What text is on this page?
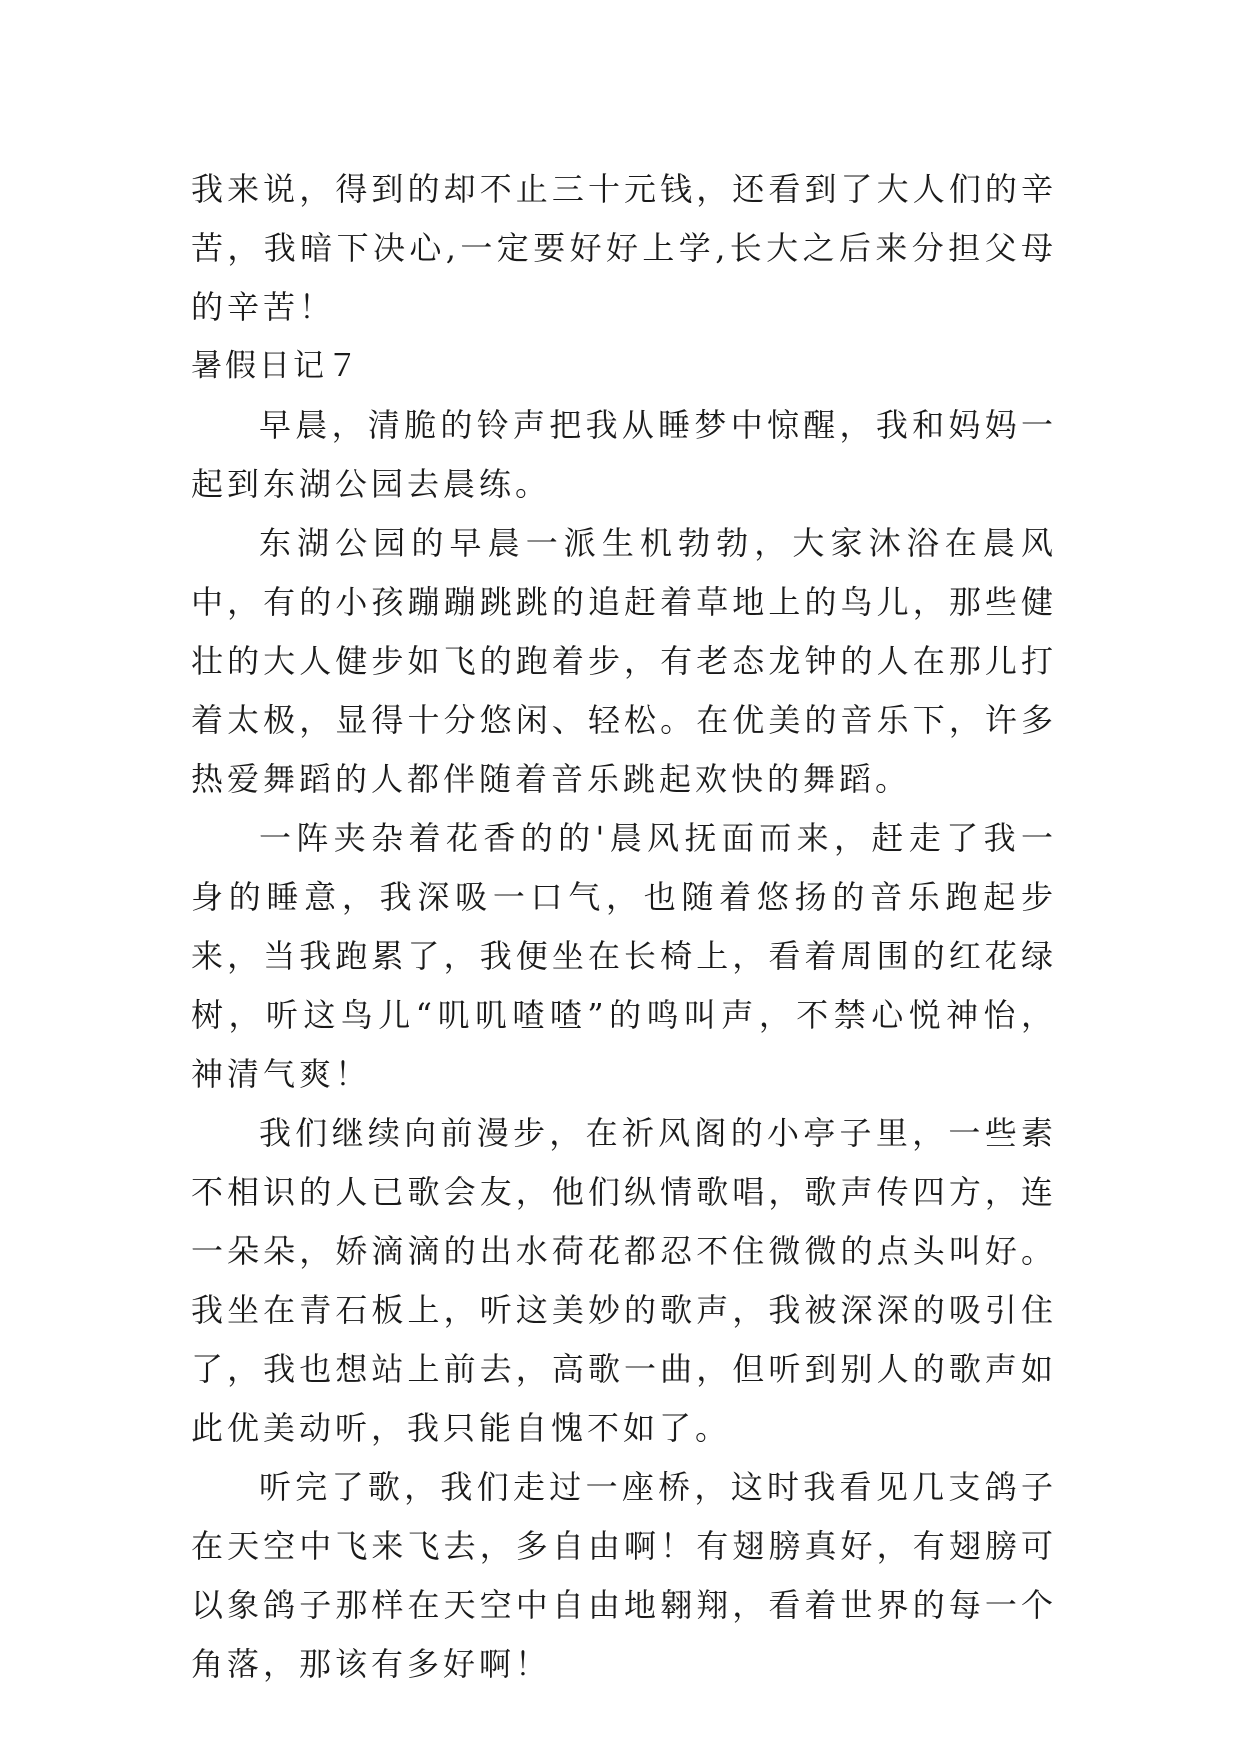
我来说，得到的却不止三十元钱，还看到了大人们的辛苦，我暗下决心,一定要好好上学,长大之后来分担父母的辛苦！

暑假日记７

早晨，清脆的铃声把我从睡梦中惊醒，我和妈妈一起到东湖公园去晨练。

东湖公园的早晨一派生机勃勃，大家沐浴在晨风中，有的小孩蹦蹦跳跳的追赶着草地上的鸟儿，那些健壮的大人健步如飞的跑着步，有老态龙钟的人在那儿打着太极，显得十分悠闲、轻松。在优美的音乐下，许多热爱舞蹈的人都伴随着音乐跳起欢快的舞蹈。

一阵夹杂着花香的的'晨风抚面而来，赶走了我一身的睡意，我深吸一口气，也随着悠扬的音乐跑起步来，当我跑累了，我便坐在长椅上，看着周围的红花绿树，听这鸟儿“叽叽喳喳”的鸣叫声，不禁心悦神怡，神清气爽！

我们继续向前漫步，在祈风阁的小亭子里，一些素不相识的人已歌会友，他们纵情歌唱，歌声传四方，连一朵朵，娇滴滴的出水荷花都忍不住微微的点头叫好。我坐在青石板上，听这美妙的歌声，我被深深的吸引住了，我也想站上前去，高歌一曲，但听到别人的歌声如此优美动听，我只能自愧不如了。

听完了歌，我们走过一座桥，这时我看见几支鸽子在天空中飞来飞去，多自由啊！有翅膀真好，有翅膀可以象鸽子那样在天空中自由地翱翔，看着世界的每一个角落，那该有多好啊！
